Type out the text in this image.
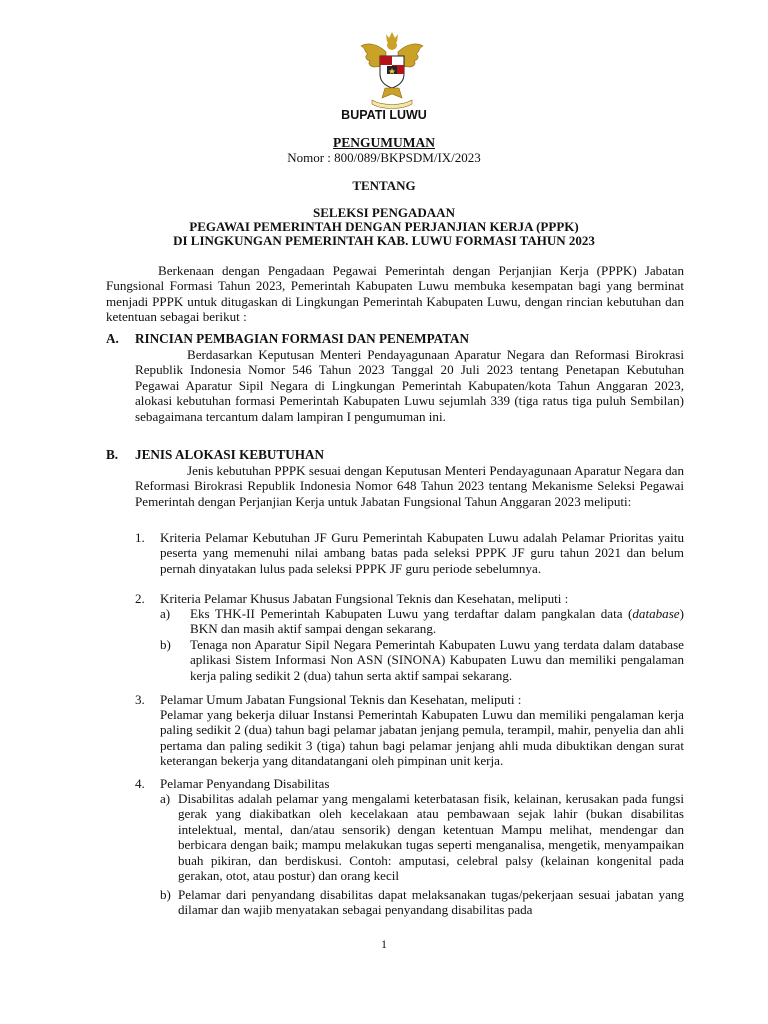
BUPATI LUWU
PENGUMUMAN
Nomor : 800/089/BKPSDM/IX/2023
TENTANG
SELEKSI PENGADAAN
PEGAWAI PEMERINTAH DENGAN PERJANJIAN KERJA (PPPK)
DI LINGKUNGAN PEMERINTAH KAB. LUWU FORMASI TAHUN 2023

Berkenaan dengan Pengadaan Pegawai Pemerintah dengan Perjanjian Kerja (PPPK) Jabatan Fungsional Formasi Tahun 2023, Pemerintah Kabupaten Luwu membuka kesempatan bagi yang berminat menjadi PPPK untuk ditugaskan di Lingkungan Pemerintah Kabupaten Luwu, dengan rincian kebutuhan dan ketentuan sebagai berikut :

A. RINCIAN PEMBAGIAN FORMASI DAN PENEMPATAN

Berdasarkan Keputusan Menteri Pendayagunaan Aparatur Negara dan Reformasi Birokrasi Republik Indonesia Nomor 546 Tahun 2023 Tanggal 20 Juli 2023 tentang Penetapan Kebutuhan Pegawai Aparatur Sipil Negara di Lingkungan Pemerintah Kabupaten/kota Tahun Anggaran 2023, alokasi kebutuhan formasi Pemerintah Kabupaten Luwu sejumlah 339 (tiga ratus tiga puluh Sembilan) sebagaimana tercantum dalam lampiran I pengumuman ini.

B. JENIS ALOKASI KEBUTUHAN

Jenis kebutuhan PPPK sesuai dengan Keputusan Menteri Pendayagunaan Aparatur Negara dan Reformasi Birokrasi Republik Indonesia Nomor 648 Tahun 2023 tentang Mekanisme Seleksi Pegawai Pemerintah dengan Perjanjian Kerja untuk Jabatan Fungsional Tahun Anggaran 2023 meliputi:

1. Kriteria Pelamar Kebutuhan JF Guru Pemerintah Kabupaten Luwu adalah Pelamar Prioritas yaitu peserta yang memenuhi nilai ambang batas pada seleksi PPPK JF guru tahun 2021 dan belum pernah dinyatakan lulus pada seleksi PPPK JF guru periode sebelumnya.

2. Kriteria Pelamar Khusus Jabatan Fungsional Teknis dan Kesehatan, meliputi :

a) Eks THK-II Pemerintah Kabupaten Luwu yang terdaftar dalam pangkalan data (database) BKN dan masih aktif sampai dengan sekarang.

b) Tenaga non Aparatur Sipil Negara Pemerintah Kabupaten Luwu yang terdata dalam database aplikasi Sistem Informasi Non ASN (SINONA) Kabupaten Luwu dan memiliki pengalaman kerja paling sedikit 2 (dua) tahun serta aktif sampai sekarang.

3. Pelamar Umum Jabatan Fungsional Teknis dan Kesehatan, meliputi :

Pelamar yang bekerja diluar Instansi Pemerintah Kabupaten Luwu dan memiliki pengalaman kerja paling sedikit 2 (dua) tahun bagi pelamar jabatan jenjang pemula, terampil, mahir, penyelia dan ahli pertama dan paling sedikit 3 (tiga) tahun bagi pelamar jenjang ahli muda dibuktikan dengan surat keterangan bekerja yang ditandatangani oleh pimpinan unit kerja.

4. Pelamar Penyandang Disabilitas

a) Disabilitas adalah pelamar yang mengalami keterbatasan fisik, kelainan, kerusakan pada fungsi gerak yang diakibatkan oleh kecelakaan atau pembawaan sejak lahir (bukan disabilitas intelektual, mental, dan/atau sensorik) dengan ketentuan Mampu melihat, mendengar dan berbicara dengan baik; mampu melakukan tugas seperti menganalisa, mengetik, menyampaikan buah pikiran, dan berdiskusi. Contoh: amputasi, celebral palsy (kelainan kongenital pada gerakan, otot, atau postur) dan orang kecil

b) Pelamar dari penyandang disabilitas dapat melaksanakan tugas/pekerjaan sesuai jabatan yang dilamar dan wajib menyatakan sebagai penyandang disabilitas pada

1
